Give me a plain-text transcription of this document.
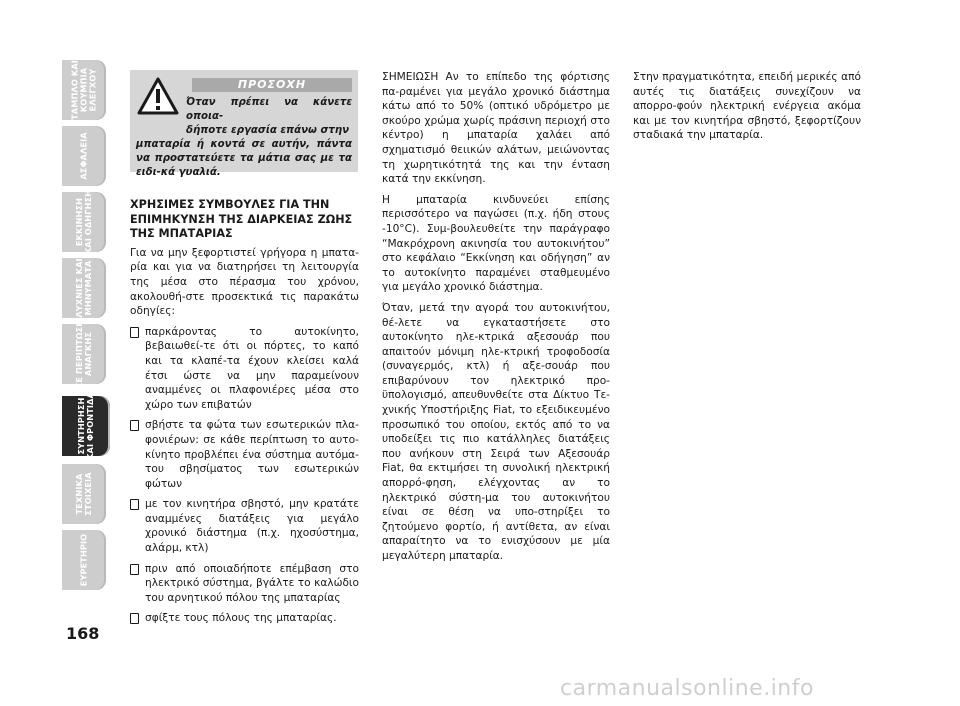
ΤΑΜΠΛΟ ΚΑΙ
ΚΟΥΜΠΙΑ
ΕΛΕΓΧΟΥ
ΑΣΦΑΛΕΙΑ
ΕΚΚΙΝΗΣΗ
ΚΑΙ ΟΔΗΓΗΣΗ
ΛΥΧΝΙΕΣ ΚΑΙ
ΜΗΝΥΜΑΤΑ
ΣΕ ΠΕΡΙΠΤΩΣΗ
ΑΝΑΓΚΗΣ
ΣΥΝΤΗΡΗΣΗ
ΚΑΙ ΦΡΟΝΤΙΔΑ
ΤΕΧΝΙΚΑ
ΣΤΟΙΧΕΙΑ
ΕΥΡΕΤΗΡΙΟ
168
ΠΡΟΣΟΧΗ
Όταν πρέπει να κάνετε οποια-
δήποτε εργασία επάνω στην
μπαταρία ή κοντά σε αυτήν, πάντα να προστατεύετε τα μάτια σας με τα ειδι-κά γυαλιά.
ΧΡΗΣΙΜΕΣ ΣΥΜΒΟΥΛΕΣ ΓΙΑ ΤΗΝ ΕΠΙΜΗΚΥΝΣΗ ΤΗΣ ΔΙΑΡΚΕΙΑΣ ΖΩΗΣ ΤΗΣ ΜΠΑΤΑΡΙΑΣ

Για να μην ξεφορτιστεί γρήγορα η μπατα-ρία και για να διατηρήσει τη λειτουργία της μέσα στο πέρασμα του χρόνου, ακολουθή-στε προσεκτικά τις παρακάτω οδηγίες:

παρκάροντας το αυτοκίνητο, βεβαιωθεί-τε ότι οι πόρτες, το καπό και τα κλαπέ-τα έχουν κλείσει καλά έτσι ώστε να μην παραμείνουν αναμμένες οι πλαφονιέρες μέσα στο χώρο των επιβατών
σβήστε τα φώτα των εσωτερικών πλα-φονιέρων: σε κάθε περίπτωση το αυτο-κίνητο προβλέπει ένα σύστημα αυτόμα-του σβησίματος των εσωτερικών φώτων
με τον κινητήρα σβηστό, μην κρατάτε αναμμένες διατάξεις για μεγάλο χρονικό διάστημα (π.χ. ηχοσύστημα, αλάρμ, κτλ)
πριν από οποιαδήποτε επέμβαση στο ηλεκτρικό σύστημα, βγάλτε το καλώδιο του αρνητικού πόλου της μπαταρίας
σφίξτε τους πόλους της μπαταρίας.

ΣΗΜΕΙΩΣΗ Αν το επίπεδο της φόρτισης πα-ραμένει για μεγάλο χρονικό διάστημα κάτω από το 50% (οπτικό υδρόμετρο με σκούρο χρώμα χωρίς πράσινη περιοχή στο κέντρο) η μπαταρία χαλάει από σχηματισμό θειικών αλάτων, μειώνοντας τη χωρητικότητά της και την ένταση κατά την εκκίνηση.

Η μπαταρία κινδυνεύει επίσης περισσότερο να παγώσει (π.χ. ήδη στους -10°C). Συμ-βουλευθείτε την παράγραφο “Μακρόχρονη ακινησία του αυτοκινήτου” στο κεφάλαιο “Εκκίνηση και οδήγηση” αν το αυτοκίνητο παραμένει σταθμευμένο για μεγάλο χρονικό διάστημα.

Όταν, μετά την αγορά του αυτοκινήτου, θέ-λετε να εγκαταστήσετε στο αυτοκίνητο ηλε-κτρικά αξεσουάρ που απαιτούν μόνιμη ηλε-κτρική τροφοδοσία (συναγερμός, κτλ) ή αξε-σουάρ που επιβαρύνουν τον ηλεκτρικό προ-ϋπολογισμό, απευθυνθείτε στα Δίκτυο Τε-χνικής Υποστήριξης Fiat, το εξειδικευμένο προσωπικό του οποίου, εκτός από το να υποδείξει τις πιο κατάλληλες διατάξεις που ανήκουν στη Σειρά των Αξεσουάρ Fiat, θα εκτιμήσει τη συνολική ηλεκτρική απορρό-φηση, ελέγχοντας αν το ηλεκτρικό σύστη-μα του αυτοκινήτου είναι σε θέση να υπο-στηρίξει το ζητούμενο φορτίο, ή αντίθετα, αν είναι απαραίτητο να το ενισχύσουν με μία μεγαλύτερη μπαταρία.

Στην πραγματικότητα, επειδή μερικές από αυτές τις διατάξεις συνεχίζουν να απορρο-φούν ηλεκτρική ενέργεια ακόμα και με τον κινητήρα σβηστό, ξεφορτίζουν σταδιακά την μπαταρία.

carmanualsonline.info
